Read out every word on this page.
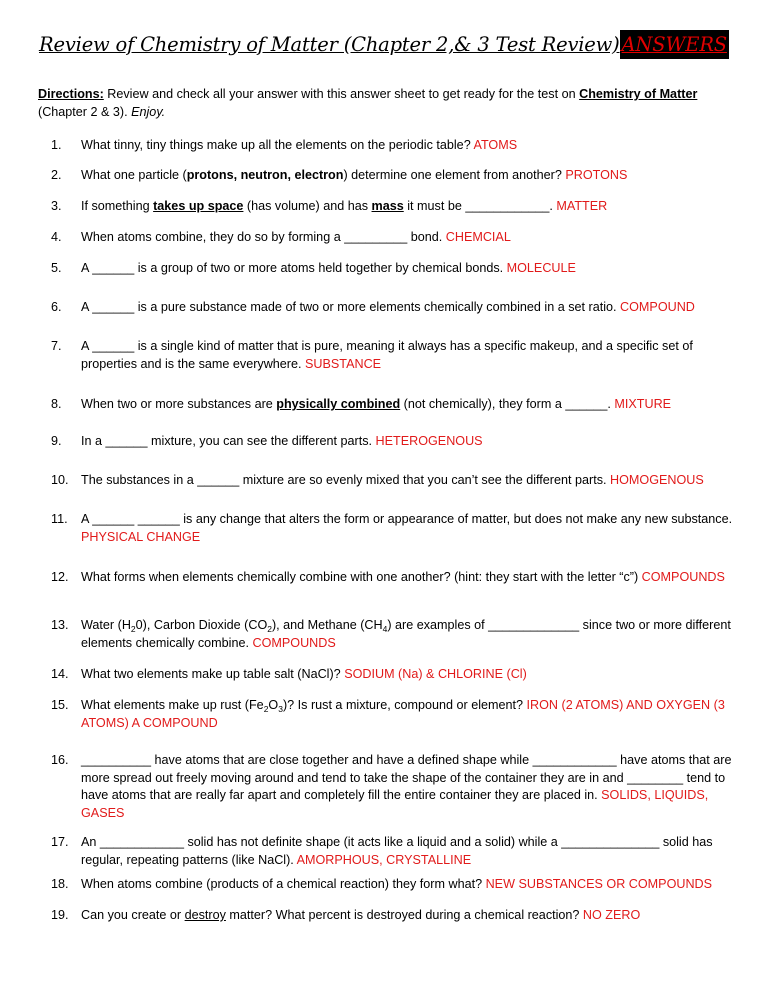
Review of Chemistry of Matter (Chapter 2,& 3 Test Review) ANSWERS
Directions: Review and check all your answer with this answer sheet to get ready for the test on Chemistry of Matter (Chapter 2 & 3). Enjoy.
1.	What tinny, tiny things make up all the elements on the periodic table? ATOMS
2.	What one particle (protons, neutron, electron) determine one element from another? PROTONS
3.	If something takes up space (has volume) and has mass it must be ____________. MATTER
4.	When atoms combine, they do so by forming a _________ bond. CHEMCIAL
5.	A ______ is a group of two or more atoms held together by chemical bonds. MOLECULE
6.	A ______ is a pure substance made of two or more elements chemically combined in a set ratio. COMPOUND
7.	A ______ is a single kind of matter that is pure, meaning it always has a specific makeup, and a specific set of properties and is the same everywhere. SUBSTANCE
8.	When two or more substances are physically combined (not chemically), they form a ______. MIXTURE
9.	In a ______ mixture, you can see the different parts. HETEROGENOUS
10. The substances in a ______ mixture are so evenly mixed that you can’t see the different parts. HOMOGENOUS
11.	A ______ ______ is any change that alters the form or appearance of matter, but does not make any new substance. PHYSICAL CHANGE
12. What forms when elements chemically combine with one another? (hint: they start with the letter “c”) COMPOUNDS
13. Water $(H_20)$, Carbon Dioxide $(CO_2)$, and Methane $(CH_4)$ are examples of _____________ since two or more different elements chemically combine. COMPOUNDS
14. What two elements make up table salt (NaCl)? SODIUM (Na) & CHLORINE (Cl)
15. What elements make up rust $(Fe_2O_3)$? Is rust a mixture, compound or element? IRON (2 ATOMS) AND OXYGEN (3 ATOMS) A COMPOUND
16. __________ have atoms that are close together and have a defined shape while ____________ have atoms that are more spread out freely moving around and tend to take the shape of the container they are in and ________ tend to have atoms that are really far apart and completely fill the entire container they are placed in. SOLIDS, LIQUIDS, GASES
17. An ____________ solid has not definite shape (it acts like a liquid and a solid) while a ______________ solid has regular, repeating patterns (like NaCl). AMORPHOUS, CRYSTALLINE
18. When atoms combine (products of a chemical reaction) they form what? NEW SUBSTANCES OR COMPOUNDS
19. Can you create or destroy matter? What percent is destroyed during a chemical reaction? NO ZERO
